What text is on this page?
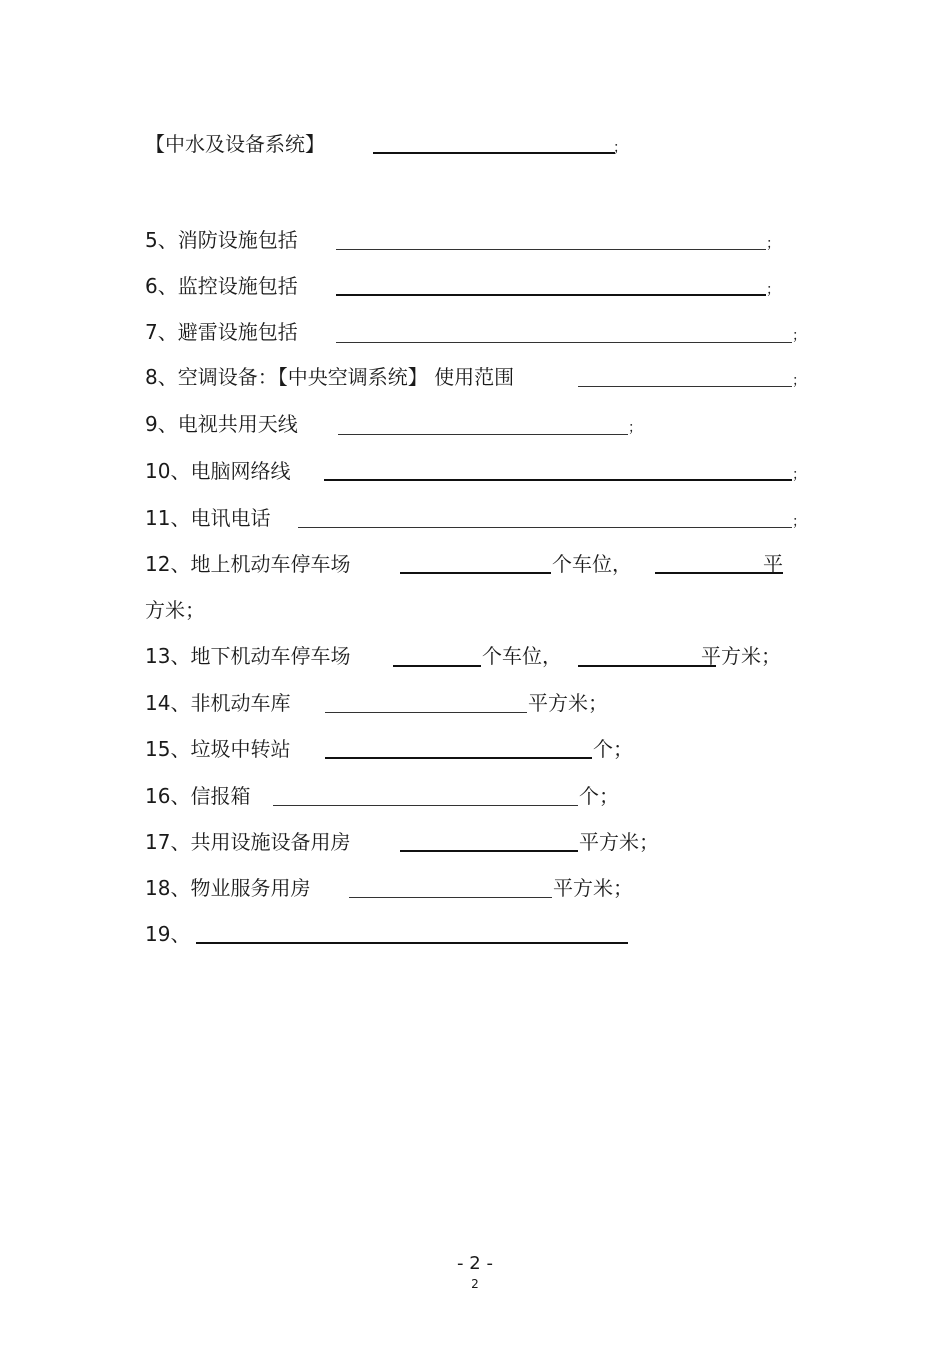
【中水及设备系统】	；
5、消防设施包括	；
6、监控设施包括	；
7、避雷设施包括	；
8、空调设备：【中央空调系统】 使用范围	；
9、电视共用天线	；
10、电脑网络线	；
11、电讯电话	；
12、地上机动车停车场	个车位，	平
方米；
13、地下机动车停车场	个车位，	平方米；
14、非机动车库	平方米；
15、垃圾中转站	个；
16、信报箱	个；
17、共用设施设备用房	平方米；
18、物业服务用房	平方米；
19、
- 2 -
2
